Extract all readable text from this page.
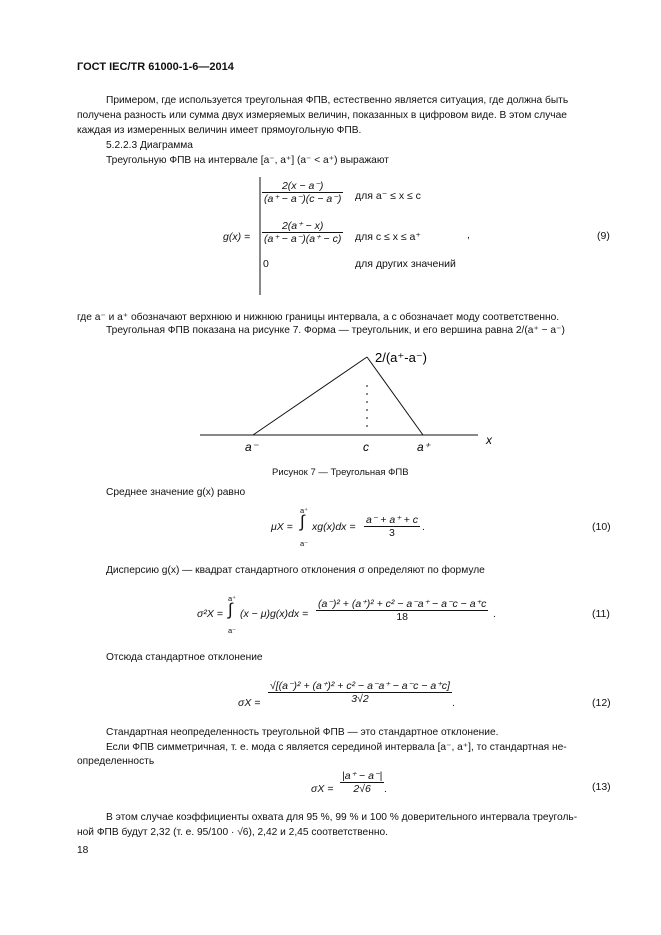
ГОСТ IEC/TR 61000-1-6—2014
Примером, где используется треугольная ФПВ, естественно является ситуация, где должна быть
получена разность или сумма двух измеряемых величин, показанных в цифровом виде. В этом случае
каждая из измеренных величин имеет прямоугольную ФПВ.
5.2.2.3 Диаграмма
Треугольную ФПВ на интервале [a⁻, a⁺] (a⁻ < a⁺) выражают
g(x) =
$\frac{2(x - a^-)}{(a^+ - a^-)(c - a^-)}$ для a⁻ ≤ x ≤ c
$\frac{2(a^+ - x)}{(a^+ - a^-)(a^+ - c)}$ для c ≤ x ≤ a⁺
0	для других значений
,	(9)
где a⁻ и a⁺ обозначают верхнюю и нижнюю границы интервала, а c обозначает моду соответственно.
Треугольная ФПВ показана на рисунке 7. Форма — треугольник, и его вершина равна 2/(a⁺ − a⁻)
2/(a⁺-a⁻)
a⁻	c	a⁺	x
Рисунок 7 — Треугольная ФПВ
Среднее значение g(x) равно
μX =
a⁺
∫
a⁻
$xg(x)dx = \frac{a^- + a^+ + c}{3}$ .	(10)
Дисперсию g(x) — квадрат стандартного отклонения σ определяют по формуле
σ²X =
a⁺
∫
a⁻
$(x - \mu)g(x)dx = \frac{\text{(a⁻)² + (a⁺)² + c² − a⁻a⁺ − a⁻c − a⁺c}}{18}$ .	(11)
Отсюда стандартное отклонение
$\sigma X = \frac{\text{√[(a⁻)² + (a⁺)² + c² − a⁻a⁺ − a⁻c − a⁺c]}}{3√2}$ .	(12)
Стандартная неопределенность треугольной ФПВ — это стандартное отклонение.
Если ФПВ симметричная, т. е. мода c является серединой интервала [a⁻, a⁺], то стандартная не-
определенность
$\sigma X = \frac{|a^+ - a^-|}{2√6}$ .	(13)
В этом случае коэффициенты охвата для 95 %, 99 % и 100 % доверительного интервала треуголь-
ной ФПВ будут 2,32 (т. е. 95/100 · √6), 2,42 и 2,45 соответственно.
18
